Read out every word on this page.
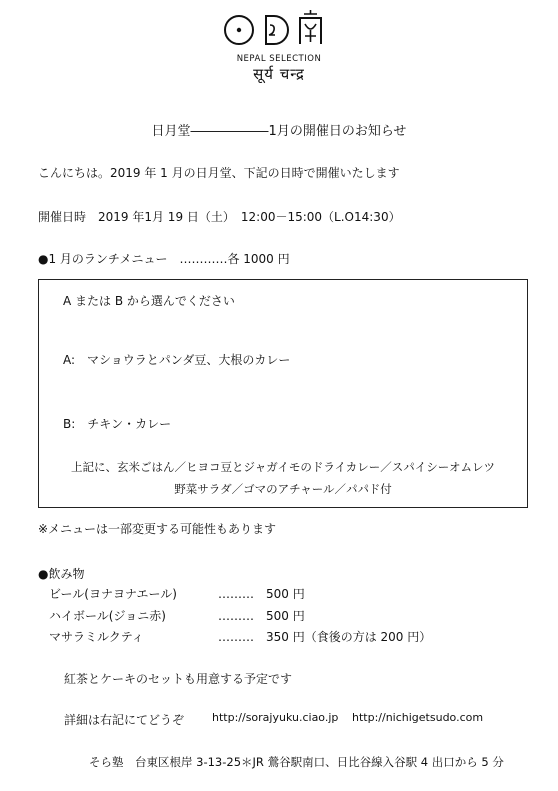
NEPAL SELECTION
सूर्य चन्द्र
日月堂――――――1月の開催日のお知らせ
こんにちは。2019 年 1 月の日月堂、下記の日時で開催いたします
開催日時　2019 年1月 19 日（土）　12:00－15:00（L.O14:30）
●1 月のランチメニュー　…………各 1000 円
A または B から選んでください
A:　マショウラとパンダ豆、大根のカレー
B:　チキン・カレー
上記に、玄米ごはん／ヒヨコ豆とジャガイモのドライカレー／スパイシーオムレツ
野菜サラダ／ゴマのアチャール／パパド付
※メニューは一部変更する可能性もあります
●飲み物
ビール(ヨナヨナエール)	………　500 円
ハイボール(ジョニ赤)	………　500 円
マサラミルクティ	………　350 円（食後の方は 200 円）
紅茶とケーキのセットも用意する予定です
詳細は右記にてどうぞ	http://sorajyuku.ciao.jp http://nichigetsudo.com
そら塾　台東区根岸 3-13-25＊JR 鶯谷駅南口、日比谷線入谷駅 4 出口から 5 分
